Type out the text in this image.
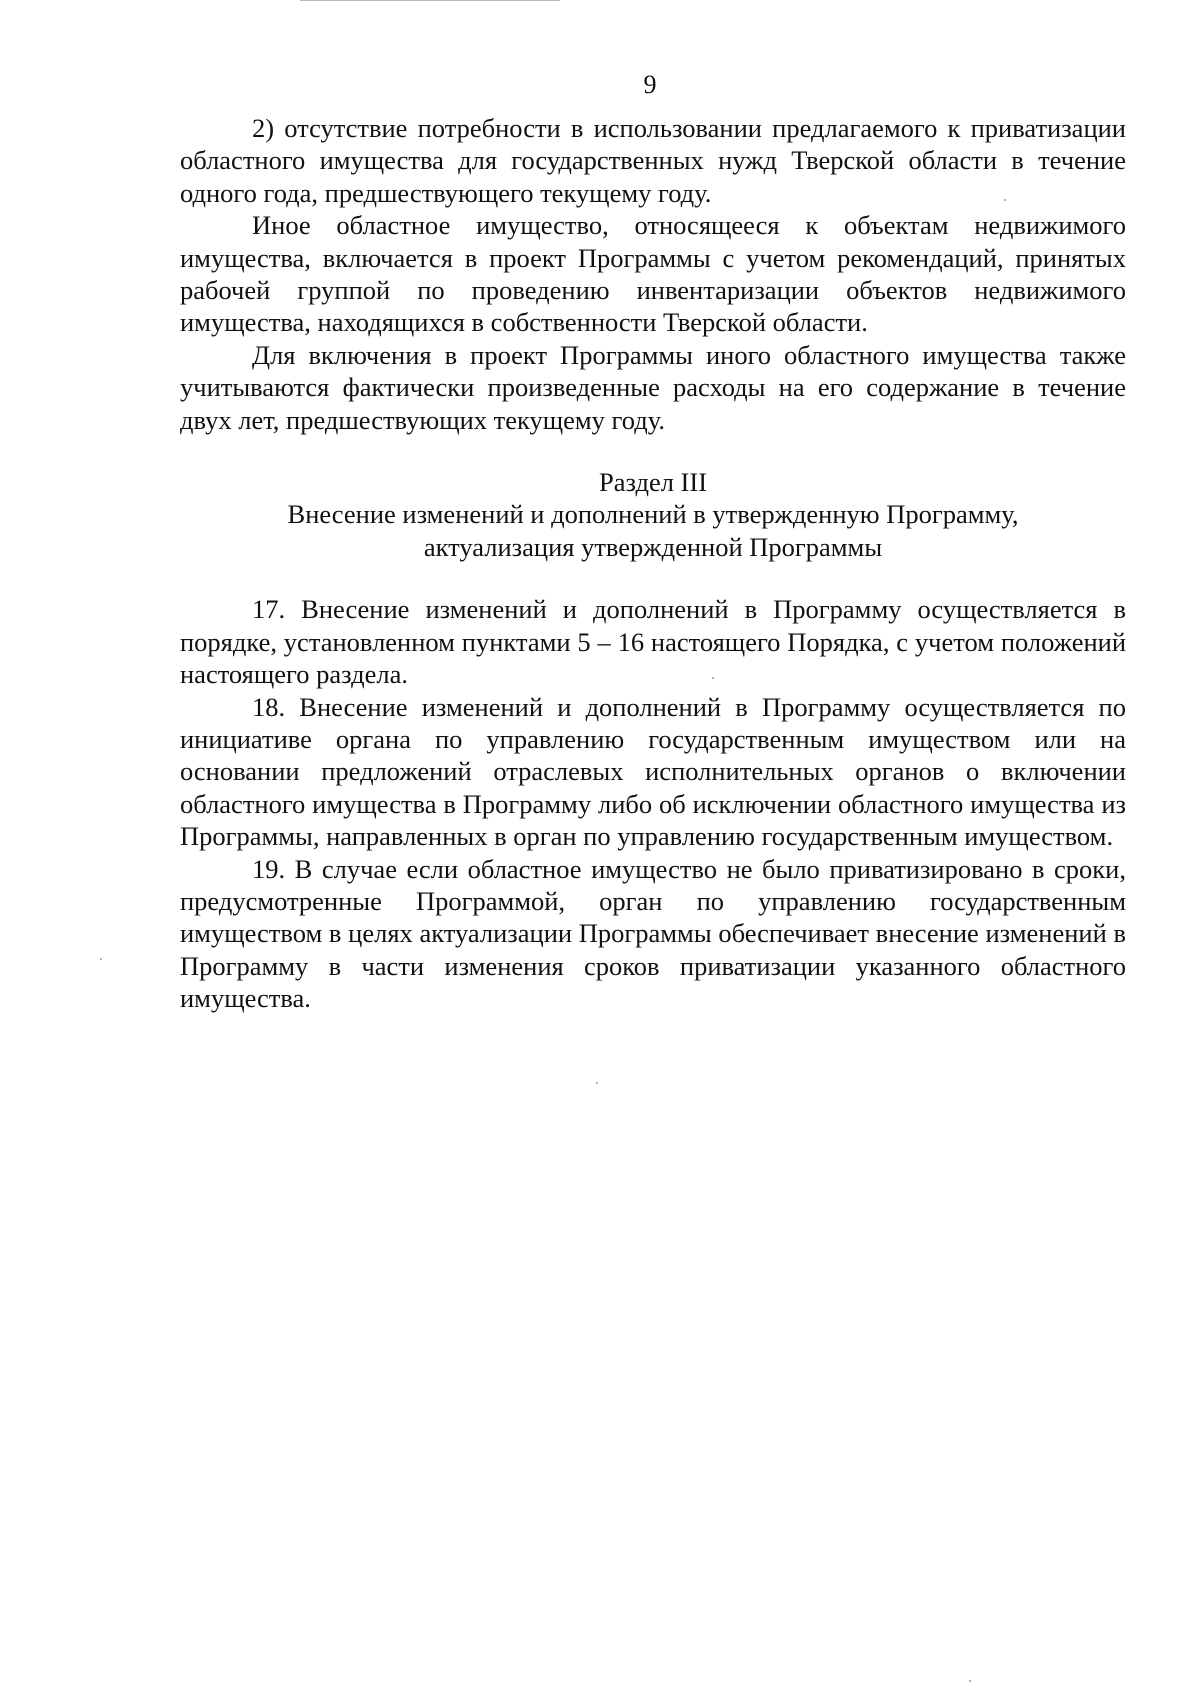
9

2) отсутствие потребности в использовании предлагаемого к приватизации областного имущества для государственных нужд Тверской области в течение одного года, предшествующего текущему году.

Иное областное имущество, относящееся к объектам недвижимого имущества, включается в проект Программы с учетом рекомендаций, принятых рабочей группой по проведению инвентаризации объектов недвижимого имущества, находящихся в собственности Тверской области.

Для включения в проект Программы иного областного имущества также учитываются фактически произведенные расходы на его содержание в течение двух лет, предшествующих текущему году.

Раздел III

Внесение изменений и дополнений в утвержденную Программу,

актуализация утвержденной Программы

17. Внесение изменений и дополнений в Программу осуществляется в порядке, установленном пунктами 5 – 16 настоящего Порядка, с учетом положений настоящего раздела.

18. Внесение изменений и дополнений в Программу осуществляется по инициативе органа по управлению государственным имуществом или на основании предложений отраслевых исполнительных органов о включении областного имущества в Программу либо об исключении областного имущества из Программы, направленных в орган по управлению государственным имуществом.

19. В случае если областное имущество не было приватизировано в сроки, предусмотренные Программой, орган по управлению государственным имуществом в целях актуализации Программы обеспечивает внесение изменений в Программу в части изменения сроков приватизации указанного областного имущества.
